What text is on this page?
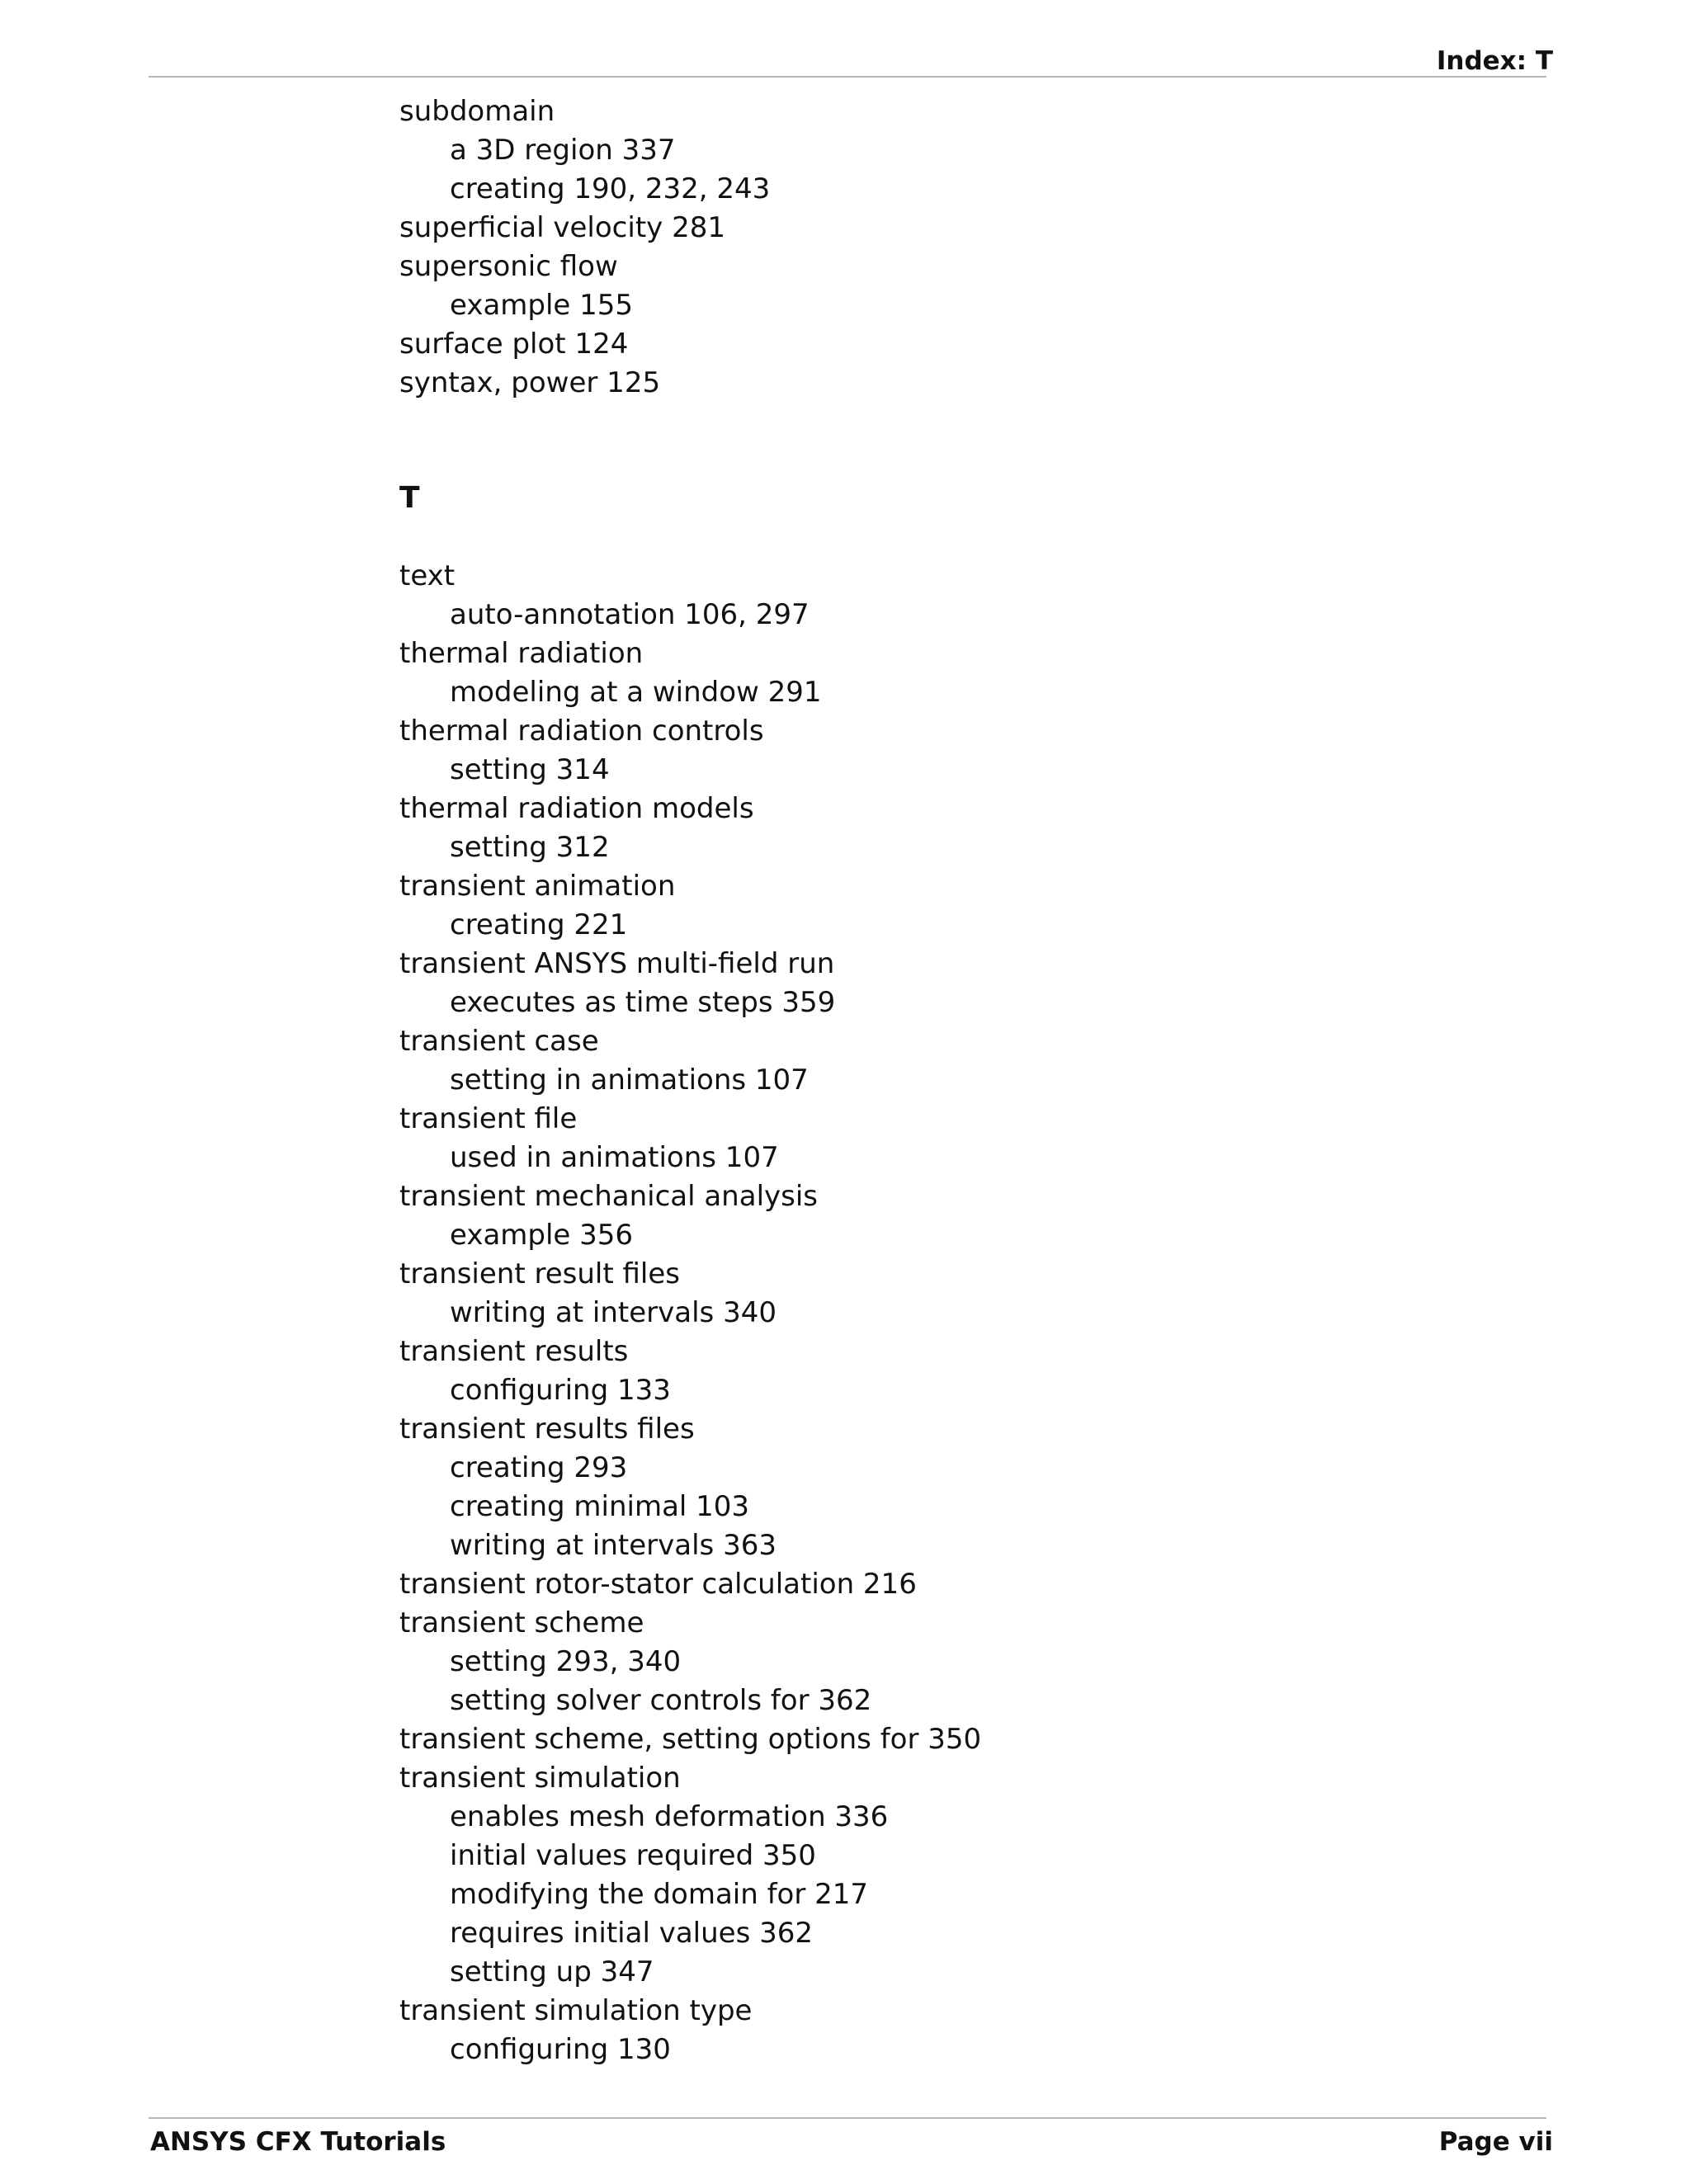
Index: T
subdomain
a 3D region 337
creating 190, 232, 243
superficial velocity 281
supersonic flow
example 155
surface plot 124
syntax, power 125
T
text
auto-annotation 106, 297
thermal radiation
modeling at a window 291
thermal radiation controls
setting 314
thermal radiation models
setting 312
transient animation
creating 221
transient ANSYS multi-field run
executes as time steps 359
transient case
setting in animations 107
transient file
used in animations 107
transient mechanical analysis
example 356
transient result files
writing at intervals 340
transient results
configuring 133
transient results files
creating 293
creating minimal 103
writing at intervals 363
transient rotor-stator calculation 216
transient scheme
setting 293, 340
setting solver controls for 362
transient scheme, setting options for 350
transient simulation
enables mesh deformation 336
initial values required 350
modifying the domain for 217
requires initial values 362
setting up 347
transient simulation type
configuring 130
ANSYS CFX Tutorials	Page vii
